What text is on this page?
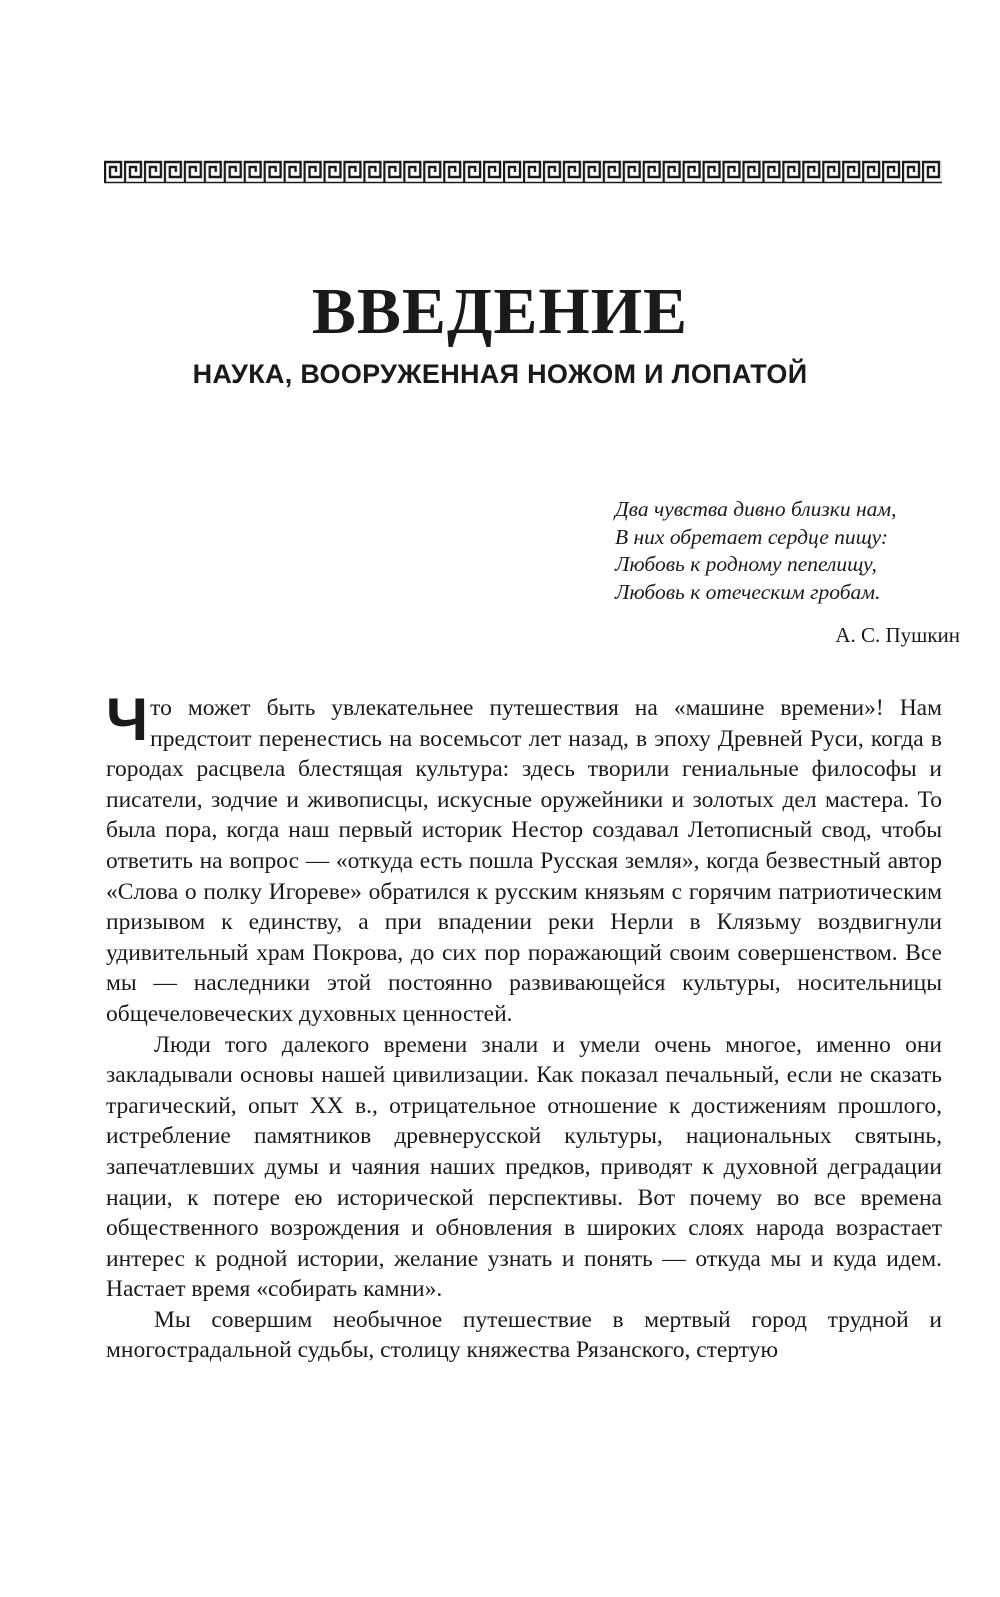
ВВЕДЕНИЕ
НАУКА, ВООРУЖЕННАЯ НОЖОМ И ЛОПАТОЙ
Два чувства дивно близки нам,
В них обретает сердце пищу:
Любовь к родному пепелищу,
Любовь к отеческим гробам.
А. С. Пушкин

Что может быть увлекательнее путешествия на «машине времени»! Нам предстоит перенестись на восемьсот лет назад, в эпоху Древней Руси, когда в городах расцвела блестящая культура: здесь творили гениальные философы и писатели, зодчие и живописцы, искусные оружейники и золотых дел мастера. То была пора, когда наш первый историк Нестор создавал Летописный свод, чтобы ответить на вопрос — «откуда есть пошла Русская земля», когда безвестный автор «Слова о полку Игореве» обратился к русским князьям с горячим патриотическим призывом к единству, а при впадении реки Нерли в Клязьму воздвигнули удивительный храм Покрова, до сих пор поражающий своим совершенством. Все мы — наследники этой постоянно развивающейся культуры, носительницы общечеловеческих духовных ценностей.

Люди того далекого времени знали и умели очень многое, именно они закладывали основы нашей цивилизации. Как показал печальный, если не сказать трагический, опыт XX в., отрицательное отношение к достижениям прошлого, истребление памятников древнерусской культуры, национальных святынь, запечатлевших думы и чаяния наших предков, приводят к духовной деградации нации, к потере ею исторической перспективы. Вот почему во все времена общественного возрождения и обновления в широких слоях народа возрастает интерес к родной истории, желание узнать и понять — откуда мы и куда идем. Настает время «собирать камни».

Мы совершим необычное путешествие в мертвый город трудной и многострадальной судьбы, столицу княжества Рязанского, стертую
